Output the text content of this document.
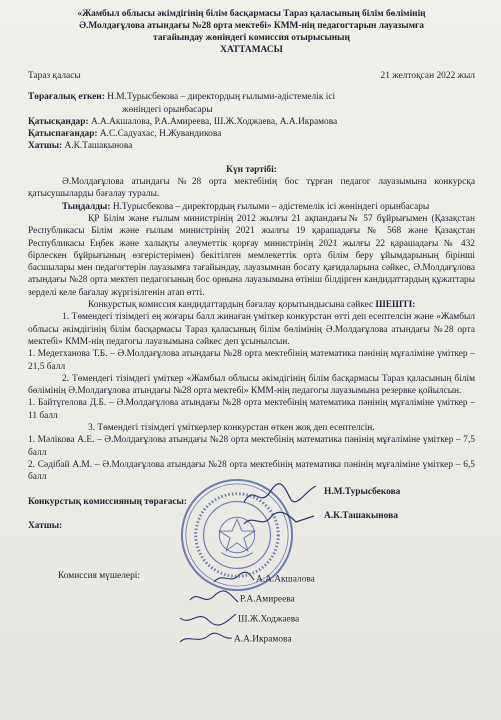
«Жамбыл облысы әкімдігінің білім басқармасы Тараз қаласының білім бөлімінің
Ә.Молдағұлова атындағы №28 орта мектебі» КММ-нің педагогтарын лауазымға
тағайындау жөніндегі комиссия отырысының
ХАТТАМАСЫ
Тараз қаласы	21 желтоқсан 2022 жыл

Төрағалық еткен: Н.М.Турысбекова – директордың ғылыми-әдістемелік ісі

жөніндегі орынбасары

Қатысқандар: А.А.Акшалова, Р.А.Амиреева, Ш.Ж.Ходжаева, А.А.Икрамова

Қатыспағандар: А.С.Садуахас, Н.Жувандикова

Хатшы: А.К.Ташакынова

Күн тәртібі:

Ә.Молдағұлова атындағы №28 орта мектебінің бос тұрған педагог лауазымына конкурсқа қатысушыларды бағалау туралы.

Тыңдалды: Н.Турысбекова – директордың ғылыми – әдістемелік ісі жөніндегі орынбасары

ҚР Білім және ғылым министрінің 2012 жылғы 21 ақпандағы№ 57 бұйрығымен (Қазақстан Республикасы Білім және ғылым министрінің 2021 жылғы 19 қарашадағы № 568 және Қазақстан Республикасы Еңбек және халықты әлеуметтік қорғау министрінің 2021 жылғы 22 қарашадағы № 432 бірлескен бұйрығының өзгерістерімен) бекітілген мемлекеттік орта білім беру ұйымдарының бірінші басшылары мен педагогтерін лауазымға тағайындау, лауазымнан босату қағидаларына сәйкес, Ә.Молдағұлова атындағы №28 орта мектеп педагогының бос орнына лауазымына өтініш білдірген кандидаттардың құжаттары зерделі келе бағалау жүргізілгенін атап өтті.

Конкурстық комиссия кандидаттардың бағалау қорытындысына сәйкес ШЕШТІ:

1. Төмендегі тізімдегі ең жоғары балл жинаған үміткер конкурстан өтті деп есептелсін және «Жамбыл облысы әкімдігінің білім басқармасы Тараз қаласының білім бөлімінің Ә.Молдағұлова атындағы №28 орта мектебі» КММ-нің педагогы лауазымына сәйкес деп ұсынылсын.

1. Медетханова Т.Б. – Ә.Молдағұлова атындағы №28 орта мектебінің математика пәнінің мұғаліміне үміткер – 21,5 балл

2. Төмендегі тізімдегі үміткер «Жамбыл облысы әкімдігінің білім басқармасы Тараз қаласының білім бөлімінің Ә.Молдағұлова атындағы №28 орта мектебі» КММ-нің педагогы лауазымына резервке қойылсын.

1. Байтүгелова Д.Б. – Ә.Молдағұлова атындағы №28 орта мектебінің математика пәнінің мұғаліміне үміткер – 11 балл

3. Төмендегі тізімдегі үміткерлер конкурстан өткен жоқ деп есептелсін.

1. Мәлікова А.Е. – Ә.Молдағұлова атындағы №28 орта мектебінің математика пәнінің мұғаліміне үміткер – 7,5 балл

2. Сәдібай А.М. – Ә.Молдағұлова атындағы №28 орта мектебінің математика пәнінің мұғаліміне үміткер – 6,5 балл

Конкурстық комиссияның төрағасы:
Н.М.Турысбекова
Хатшы:
А.К.Ташакынова
Комиссия мүшелері:	А.А.Акшалова
Р.А.Амиреева
Ш.Ж.Ходжаева
А.А.Икрамова
